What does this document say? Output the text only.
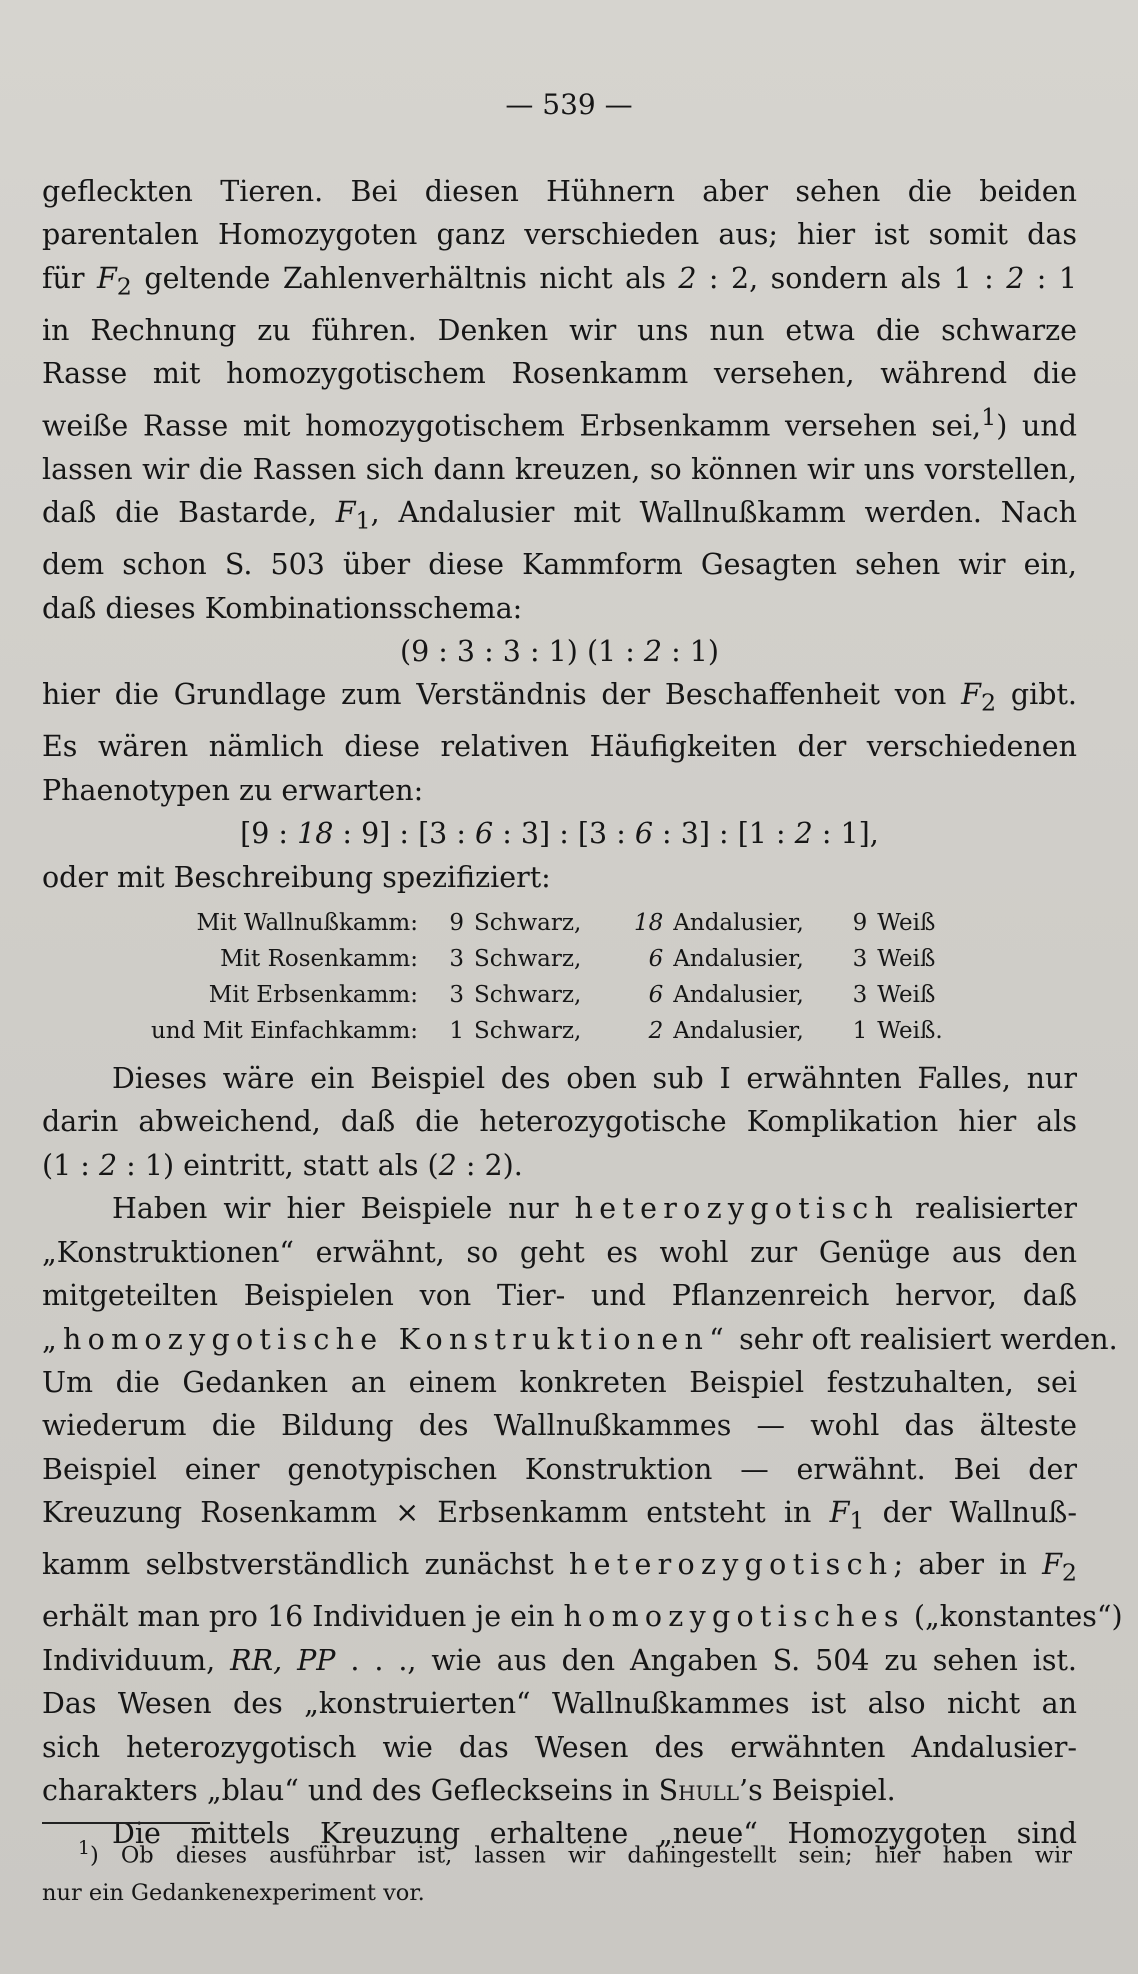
— 539 —
gefleckten Tieren. Bei diesen Hühnern aber sehen die beiden
parentalen Homozygoten ganz verschieden aus; hier ist somit das
für $F_2$ geltende Zahlenverhältnis nicht als 2 : 2, sondern als 1 : 2 : 1
in Rechnung zu führen. Denken wir uns nun etwa die schwarze
Rasse mit homozygotischem Rosenkamm versehen, während die
weiße Rasse mit homozygotischem Erbsenkamm versehen sei,$^1$) und
lassen wir die Rassen sich dann kreuzen, so können wir uns vorstellen,
daß die Bastarde, $F_1$, Andalusier mit Wallnußkamm werden. Nach
dem schon S. 503 über diese Kammform Gesagten sehen wir ein,
daß dieses Kombinationsschema:
(9 : 3 : 3 : 1) (1 : 2 : 1)
hier die Grundlage zum Verständnis der Beschaffenheit von $F_2$ gibt.
Es wären nämlich diese relativen Häufigkeiten der verschiedenen
Phaenotypen zu erwarten:
[9 : 18 : 9] : [3 : 6 : 3] : [3 : 6 : 3] : [1 : 2 : 1],
oder mit Beschreibung spezifiziert:
Mit Wallnußkamm:	9	Schwarz,	18	Andalusier,	9	Weiß
Mit Rosenkamm:	3	Schwarz,	6	Andalusier,	3	Weiß
Mit Erbsenkamm:	3	Schwarz,	6	Andalusier,	3	Weiß
und Mit Einfachkamm:	1	Schwarz,	2	Andalusier,	1	Weiß.
Dieses wäre ein Beispiel des oben sub I erwähnten Falles, nur
darin abweichend, daß die heterozygotische Komplikation hier als
(1 : 2 : 1) eintritt, statt als (2 : 2).
Haben wir hier Beispiele nur heterozygotisch realisierter
„Konstruktionen“ erwähnt, so geht es wohl zur Genüge aus den
mitgeteilten Beispielen von Tier- und Pflanzenreich hervor, daß
„homozygotische Konstruktionen“ sehr oft realisiert werden.
Um die Gedanken an einem konkreten Beispiel festzuhalten, sei
wiederum die Bildung des Wallnußkammes — wohl das älteste
Beispiel einer genotypischen Konstruktion — erwähnt. Bei der
Kreuzung Rosenkamm × Erbsenkamm entsteht in $F_1$ der Wallnuß-
kamm selbstverständlich zunächst heterozygotisch; aber in $F_2$
erhält man pro 16 Individuen je ein homozygotisches („konstantes“)
Individuum, RR, PP . . ., wie aus den Angaben S. 504 zu sehen ist.
Das Wesen des „konstruierten“ Wallnußkammes ist also nicht an
sich heterozygotisch wie das Wesen des erwähnten Andalusier-
charakters „blau“ und des Gefleckseins in Shull’s Beispiel.
Die mittels Kreuzung erhaltene „neue“ Homozygoten sind
$^1$) Ob dieses ausführbar ist, lassen wir dahingestellt sein; hier haben wir
nur ein Gedankenexperiment vor.
